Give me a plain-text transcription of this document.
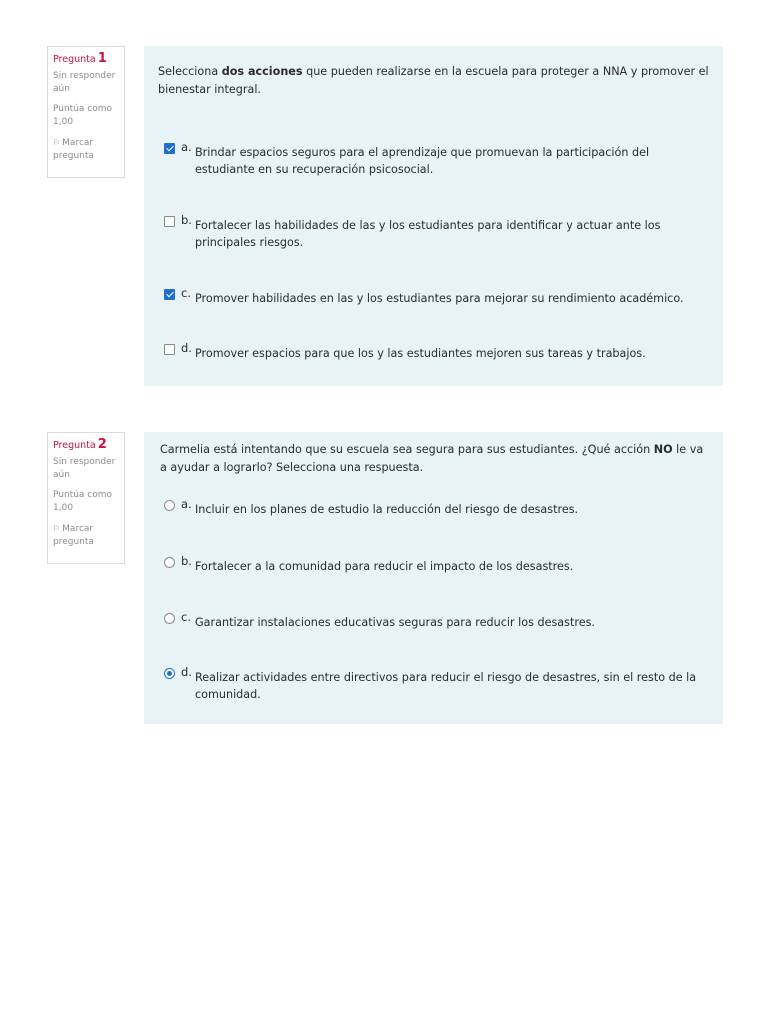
Pregunta 1
Sin responder aún
Puntúa como 1,00
⚐ Marcar pregunta
Selecciona dos acciones que pueden realizarse en la escuela para proteger a NNA y promover el bienestar integral.
a. Brindar espacios seguros para el aprendizaje que promuevan la participación del estudiante en su recuperación psicosocial.
b. Fortalecer las habilidades de las y los estudiantes para identificar y actuar ante los principales riesgos.
c. Promover habilidades en las y los estudiantes para mejorar su rendimiento académico.
d. Promover espacios para que los y las estudiantes mejoren sus tareas y trabajos.
Pregunta 2
Sin responder aún
Puntúa como 1,00
⚐ Marcar pregunta
Carmelia está intentando que su escuela sea segura para sus estudiantes. ¿Qué acción NO le va a ayudar a lograrlo? Selecciona una respuesta.
a. Incluir en los planes de estudio la reducción del riesgo de desastres.
b. Fortalecer a la comunidad para reducir el impacto de los desastres.
c. Garantizar instalaciones educativas seguras para reducir los desastres.
d. Realizar actividades entre directivos para reducir el riesgo de desastres, sin el resto de la comunidad.
